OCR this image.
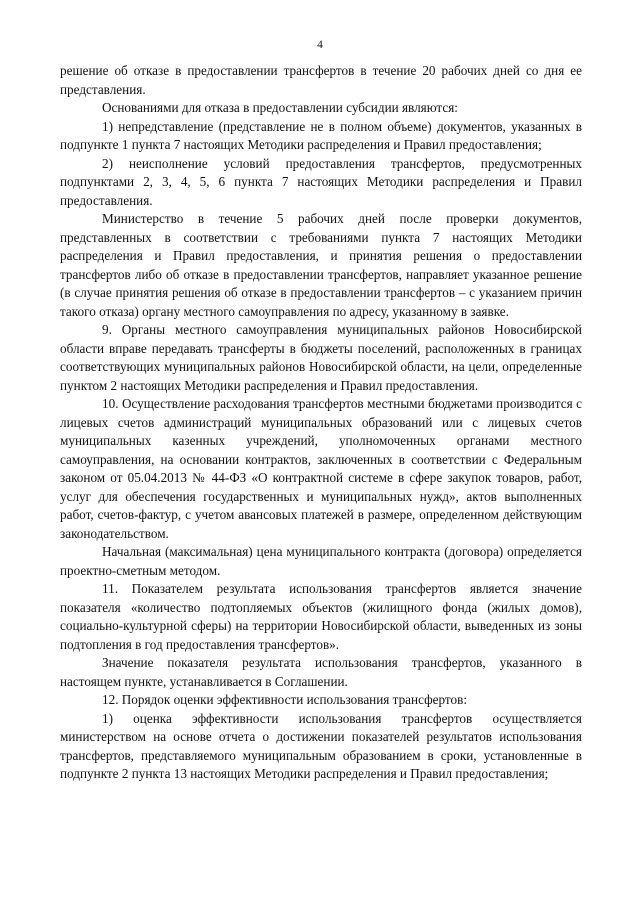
4

решение об отказе в предоставлении трансфертов в течение 20 рабочих дней со дня ее представления.

Основаниями для отказа в предоставлении субсидии являются:

1) непредставление (представление не в полном объеме) документов, указанных в подпункте 1 пункта 7 настоящих Методики распределения и Правил предоставления;

2) неисполнение условий предоставления трансфертов, предусмотренных подпунктами 2, 3, 4, 5, 6 пункта 7 настоящих Методики распределения и Правил предоставления.

Министерство в течение 5 рабочих дней после проверки документов, представленных в соответствии с требованиями пункта 7 настоящих Методики распределения и Правил предоставления, и принятия решения о предоставлении трансфертов либо об отказе в предоставлении трансфертов, направляет указанное решение (в случае принятия решения об отказе в предоставлении трансфертов – с указанием причин такого отказа) органу местного самоуправления по адресу, указанному в заявке.

9. Органы местного самоуправления муниципальных районов Новосибирской области вправе передавать трансферты в бюджеты поселений, расположенных в границах соответствующих муниципальных районов Новосибирской области, на цели, определенные пунктом 2 настоящих Методики распределения и Правил предоставления.

10. Осуществление расходования трансфертов местными бюджетами производится с лицевых счетов администраций муниципальных образований или с лицевых счетов муниципальных казенных учреждений, уполномоченных органами местного самоуправления, на основании контрактов, заключенных в соответствии с Федеральным законом от 05.04.2013 № 44-ФЗ «О контрактной системе в сфере закупок товаров, работ, услуг для обеспечения государственных и муниципальных нужд», актов выполненных работ, счетов-фактур, с учетом авансовых платежей в размере, определенном действующим законодательством.

Начальная (максимальная) цена муниципального контракта (договора) определяется проектно-сметным методом.

11. Показателем результата использования трансфертов является значение показателя «количество подтопляемых объектов (жилищного фонда (жилых домов), социально-культурной сферы) на территории Новосибирской области, выведенных из зоны подтопления в год предоставления трансфертов».

Значение показателя результата использования трансфертов, указанного в настоящем пункте, устанавливается в Соглашении.

12. Порядок оценки эффективности использования трансфертов:

1) оценка эффективности использования трансфертов осуществляется министерством на основе отчета о достижении показателей результатов использования трансфертов, представляемого муниципальным образованием в сроки, установленные в подпункте 2 пункта 13 настоящих Методики распределения и Правил предоставления;
